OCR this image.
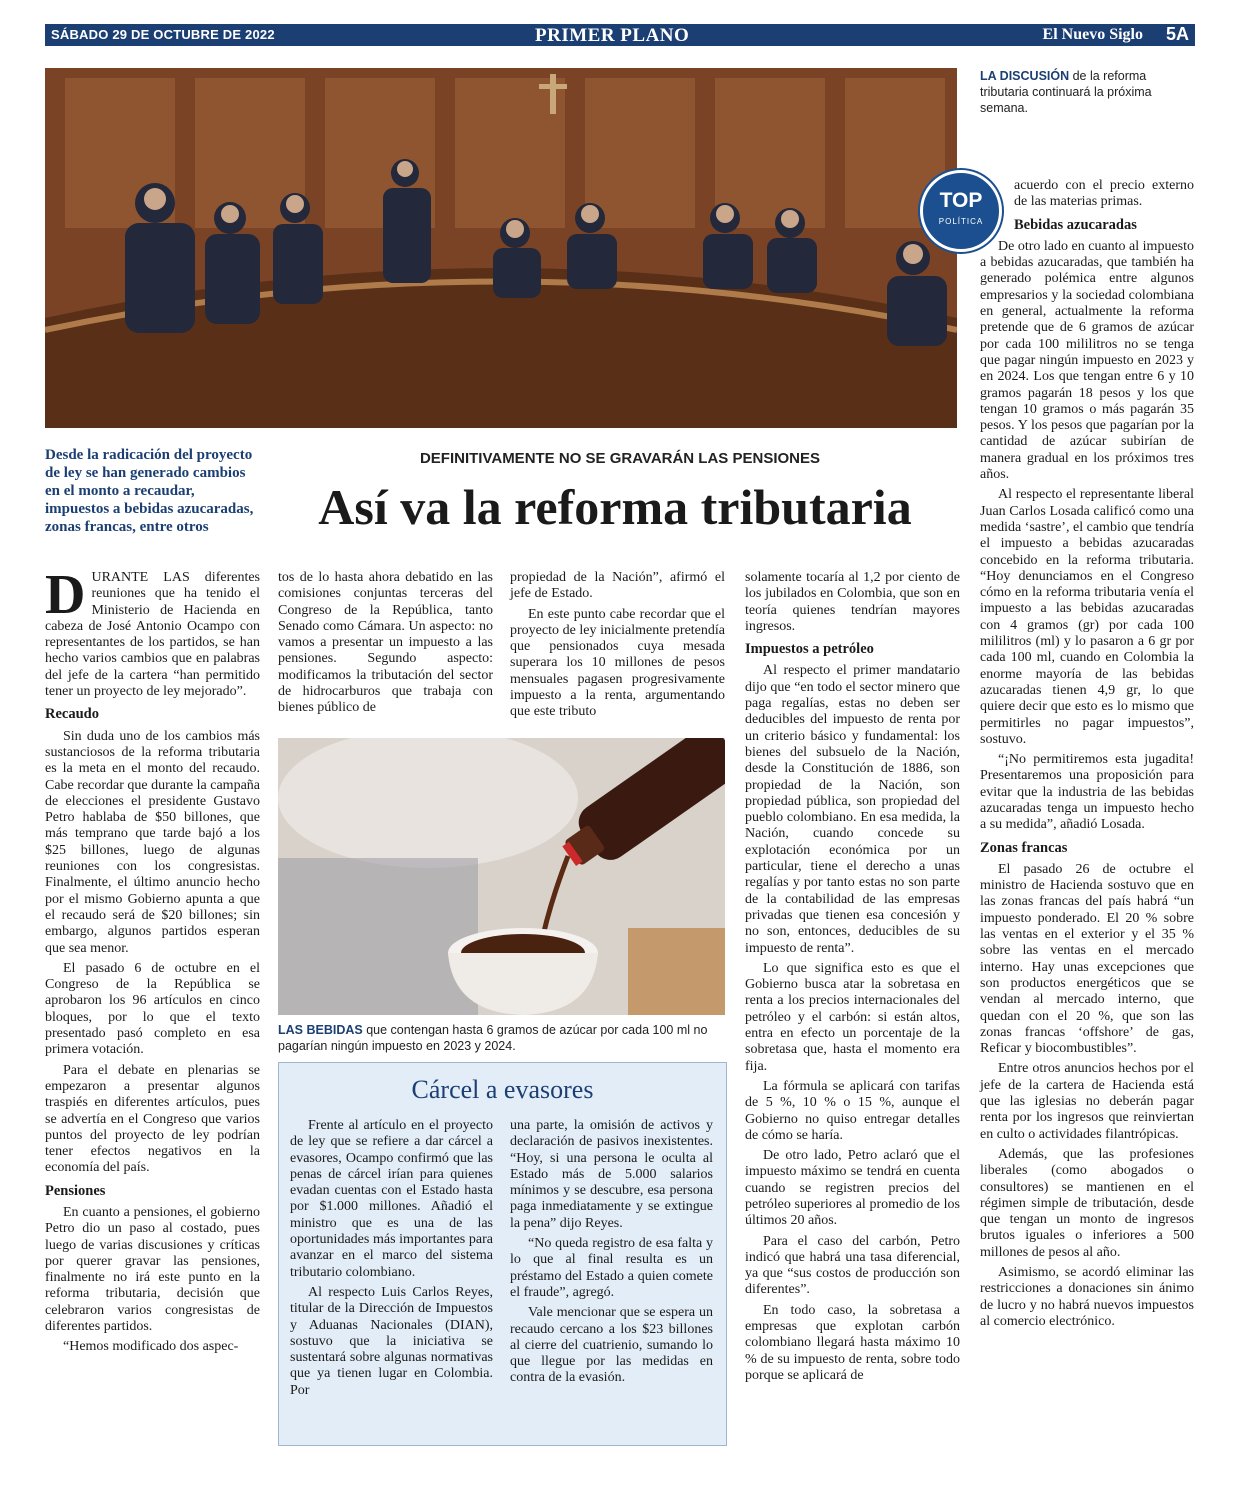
SÁBADO 29 DE OCTUBRE DE 2022	PRIMER PLANO	El Nuevo Siglo 5A
LA DISCUSIÓN de la reforma tributaria continuará la próxima semana.
TOP
POLÍTICA
Desde la radicación del proyecto de ley se han generado cambios en el monto a recaudar, impuestos a bebidas azucaradas, zonas francas, entre otros
DEFINITIVAMENTE NO SE GRAVARÁN LAS PENSIONES
Así va la reforma tributaria

DURANTE LAS diferentes reuniones que ha tenido el Ministerio de Hacienda en cabeza de José Antonio Ocampo con representantes de los partidos, se han hecho varios cambios que en palabras del jefe de la cartera “han permitido tener un proyecto de ley mejorado”.

Recaudo

Sin duda uno de los cambios más sustanciosos de la reforma tributaria es la meta en el monto del recaudo. Cabe recordar que durante la campaña de elecciones el presidente Gustavo Petro hablaba de $50 billones, que más temprano que tarde bajó a los $25 billones, luego de algunas reuniones con los congresistas. Finalmente, el último anuncio hecho por el mismo Gobierno apunta a que el recaudo será de $20 billones; sin embargo, algunos partidos esperan que sea menor.

El pasado 6 de octubre en el Congreso de la República se aprobaron los 96 artículos en cinco bloques, por lo que el texto presentado pasó completo en esa primera votación.

Para el debate en plenarias se empezaron a presentar algunos traspiés en diferentes artículos, pues se advertía en el Congreso que varios puntos del proyecto de ley podrían tener efectos negativos en la economía del país.

Pensiones

En cuanto a pensiones, el gobierno Petro dio un paso al costado, pues luego de varias discusiones y críticas por querer gravar las pensiones, finalmente no irá este punto en la reforma tributaria, decisión que celebraron varios congresistas de diferentes partidos.

“Hemos modificado dos aspec-

tos de lo hasta ahora debatido en las comisiones conjuntas terceras del Congreso de la República, tanto Senado como Cámara. Un aspecto: no vamos a presentar un impuesto a las pensiones. Segundo aspecto: modificamos la tributación del sector de hidrocarburos que trabaja con bienes público de

propiedad de la Nación”, afirmó el jefe de Estado.

En este punto cabe recordar que el proyecto de ley inicialmente pretendía que pensionados cuya mesada superara los 10 millones de pesos mensuales pagasen progresivamente impuesto a la renta, argumentando que este tributo

LAS BEBIDAS que contengan hasta 6 gramos de azúcar por cada 100 ml no pagarían ningún impuesto en 2023 y 2024.
Cárcel a evasores

Frente al artículo en el proyecto de ley que se refiere a dar cárcel a evasores, Ocampo confirmó que las penas de cárcel irían para quienes evadan cuentas con el Estado hasta por $1.000 millones. Añadió el ministro que es una de las oportunidades más importantes para avanzar en el marco del sistema tributario colombiano.

Al respecto Luis Carlos Reyes, titular de la Dirección de Impuestos y Aduanas Nacionales (DIAN), sostuvo que la iniciativa se sustentará sobre algunas normativas que ya tienen lugar en Colombia. Por

una parte, la omisión de activos y declaración de pasivos inexistentes. “Hoy, si una persona le oculta al Estado más de 5.000 salarios mínimos y se descubre, esa persona paga inmediatamente y se extingue la pena” dijo Reyes.

“No queda registro de esa falta y lo que al final resulta es un préstamo del Estado a quien comete el fraude”, agregó.

Vale mencionar que se espera un recaudo cercano a los $23 billones al cierre del cuatrienio, sumando lo que llegue por las medidas en contra de la evasión.

solamente tocaría al 1,2 por ciento de los jubilados en Colombia, que son en teoría quienes tendrían mayores ingresos.

Impuestos a petróleo

Al respecto el primer mandatario dijo que “en todo el sector minero que paga regalías, estas no deben ser deducibles del impuesto de renta por un criterio básico y fundamental: los bienes del subsuelo de la Nación, desde la Constitución de 1886, son propiedad de la Nación, son propiedad pública, son propiedad del pueblo colombiano. En esa medida, la Nación, cuando concede su explotación económica por un particular, tiene el derecho a unas regalías y por tanto estas no son parte de la contabilidad de las empresas privadas que tienen esa concesión y no son, entonces, deducibles de su impuesto de renta”.

Lo que significa esto es que el Gobierno busca atar la sobretasa en renta a los precios internacionales del petróleo y el carbón: si están altos, entra en efecto un porcentaje de la sobretasa que, hasta el momento era fija.

La fórmula se aplicará con tarifas de 5 %, 10 % o 15 %, aunque el Gobierno no quiso entregar detalles de cómo se haría.

De otro lado, Petro aclaró que el impuesto máximo se tendrá en cuenta cuando se registren precios del petróleo superiores al promedio de los últimos 20 años.

Para el caso del carbón, Petro indicó que habrá una tasa diferencial, ya que “sus costos de producción son diferentes”.

En todo caso, la sobretasa a empresas que explotan carbón colombiano llegará hasta máximo 10 % de su impuesto de renta, sobre todo porque se aplicará de

acuerdo con el precio externo de las materias primas.

Bebidas azucaradas

De otro lado en cuanto al impuesto a bebidas azucaradas, que también ha generado polémica entre algunos empresarios y la sociedad colombiana en general, actualmente la reforma pretende que de 6 gramos de azúcar por cada 100 mililitros no se tenga que pagar ningún impuesto en 2023 y en 2024. Los que tengan entre 6 y 10 gramos pagarán 18 pesos y los que tengan 10 gramos o más pagarán 35 pesos. Y los pesos que pagarían por la cantidad de azúcar subirían de manera gradual en los próximos tres años.

Al respecto el representante liberal Juan Carlos Losada calificó como una medida ‘sastre’, el cambio que tendría el impuesto a bebidas azucaradas concebido en la reforma tributaria. “Hoy denunciamos en el Congreso cómo en la reforma tributaria venía el impuesto a las bebidas azucaradas con 4 gramos (gr) por cada 100 mililitros (ml) y lo pasaron a 6 gr por cada 100 ml, cuando en Colombia la enorme mayoría de las bebidas azucaradas tienen 4,9 gr, lo que quiere decir que esto es lo mismo que permitirles no pagar impuestos”, sostuvo.

“¡No permitiremos esta jugadita! Presentaremos una proposición para evitar que la industria de las bebidas azucaradas tenga un impuesto hecho a su medida”, añadió Losada.

Zonas francas

El pasado 26 de octubre el ministro de Hacienda sostuvo que en las zonas francas del país habrá “un impuesto ponderado. El 20 % sobre las ventas en el exterior y el 35 % sobre las ventas en el mercado interno. Hay unas excepciones que son productos energéticos que se vendan al mercado interno, que quedan con el 20 %, que son las zonas francas ‘offshore’ de gas, Reficar y biocombustibles”.

Entre otros anuncios hechos por el jefe de la cartera de Hacienda está que las iglesias no deberán pagar renta por los ingresos que reinviertan en culto o actividades filantrópicas.

Además, que las profesiones liberales (como abogados o consultores) se mantienen en el régimen simple de tributación, desde que tengan un monto de ingresos brutos iguales o inferiores a 500 millones de pesos al año.

Asimismo, se acordó eliminar las restricciones a donaciones sin ánimo de lucro y no habrá nuevos impuestos al comercio electrónico.
